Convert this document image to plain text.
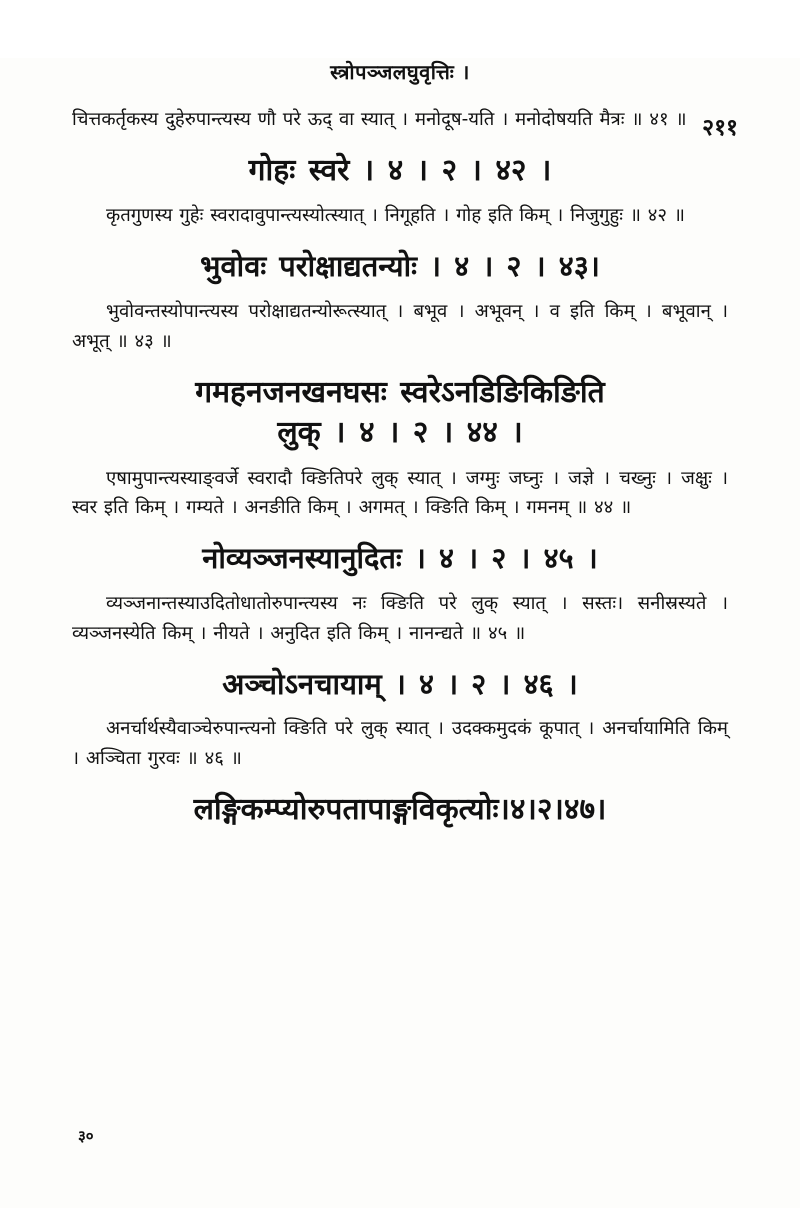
स्त्रोपञ्जलघुवृत्तिः ।
२११

चित्तकर्तृकस्य दुहेरुपान्त्यस्य णौ परे ऊद् वा स्यात् । मनोदूष-यति । मनोदोषयति मैत्रः ॥ ४१ ॥

गोहः स्वरे । ४ । २ । ४२ ।

कृतगुणस्य गुहेः स्वरादावुपान्त्यस्योत्स्यात् । निगूहति । गोह इति किम् । निजुगुहुः ॥ ४२ ॥

भुवोवः परोक्षाद्यतन्योः । ४ । २ । ४३।

भुवोवन्तस्योपान्त्यस्य परोक्षाद्यतन्योरूत्स्यात् । बभूव । अभूवन् । व इति किम् । बभूवान् । अभूत् ॥ ४३ ॥

गमहनजनखनघसः स्वरेऽनडिङिकिङिति
लुक् । ४ । २ । ४४ ।

एषामुपान्त्यस्याङ्वर्जे स्वरादौ क्ङितिपरे लुक् स्यात् । जग्मुः जघ्नुः । जज्ञे । चख्नुः । जक्षुः । स्वर इति किम् । गम्यते । अनङीति किम् । अगमत् । क्ङिति किम् । गमनम् ॥ ४४ ॥

नोव्यञ्जनस्यानुदितः । ४ । २ । ४५ ।

व्यञ्जनान्तस्याउदितोधातोरुपान्त्यस्य नः क्ङिति परे लुक् स्यात् । सस्तः। सनीस्रस्यते । व्यञ्जनस्येति किम् । नीयते । अनुदित इति किम् । नानन्द्यते ॥ ४५ ॥

अञ्चोऽनचायाम् । ४ । २ । ४६ ।

अनर्चार्थस्यैवाञ्चेरुपान्त्यनो क्ङिति परे लुक् स्यात् । उदक्कमुदकं कूपात् । अनर्चायामिति किम् । अञ्चिता गुरवः ॥ ४६ ॥

लङ्गिकम्प्योरुपतापाङ्गविकृत्योः।४।२।४७।
३०
